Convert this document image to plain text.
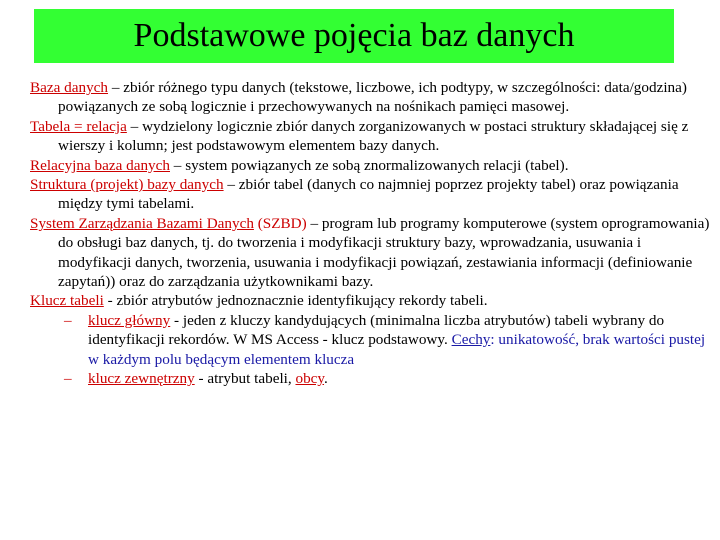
Podstawowe pojęcia baz danych

Baza danych – zbiór różnego typu danych (tekstowe, liczbowe, ich podtypy, w szczególności: data/godzina) powiązanych ze sobą logicznie i przechowywanych na nośnikach pamięci masowej.

Tabela = relacja – wydzielony logicznie zbiór danych zorganizowanych w postaci struktury składającej się z wierszy i kolumn; jest podstawowym elementem bazy danych.

Relacyjna baza danych – system powiązanych ze sobą znormalizowanych relacji (tabel).

Struktura (projekt) bazy danych – zbiór tabel (danych co najmniej poprzez projekty tabel) oraz powiązania między tymi tabelami.

System Zarządzania Bazami Danych (SZBD) – program lub programy komputerowe (system oprogramowania) do obsługi baz danych, tj. do tworzenia i modyfikacji struktury bazy, wprowadzania, usuwania i modyfikacji danych, tworzenia, usuwania i modyfikacji powiązań, zestawiania informacji (definiowanie zapytań)) oraz do zarządzania użytkownikami bazy.

Klucz tabeli - zbiór atrybutów jednoznacznie identyfikujący rekordy tabeli.

– klucz główny - jeden z kluczy kandydujących (minimalna liczba atrybutów) tabeli wybrany do identyfikacji rekordów. W MS Access - klucz podstawowy. Cechy: unikatowość, brak wartości pustej w każdym polu będącym elementem klucza

– klucz zewnętrzny - atrybut tabeli, obcy.
